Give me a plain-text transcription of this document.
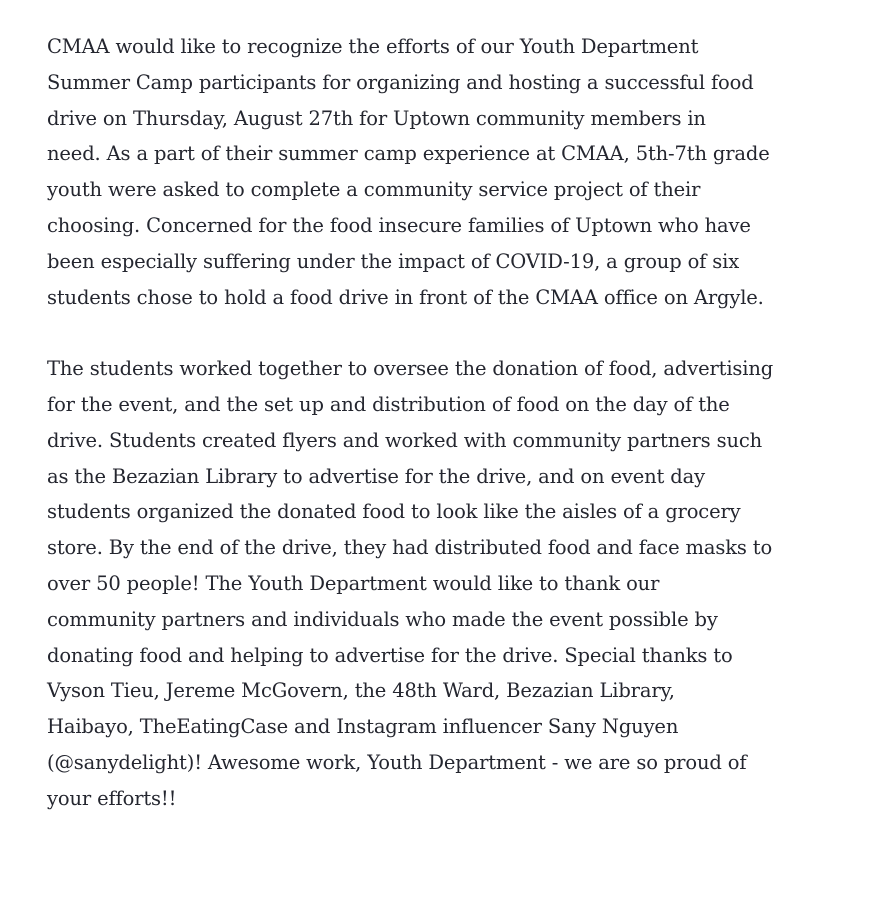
CMAA would like to recognize the efforts of our Youth Department
Summer Camp participants for organizing and hosting a successful food
drive on Thursday, August 27th for Uptown community members in
need. As a part of their summer camp experience at CMAA, 5th-7th grade
youth were asked to complete a community service project of their
choosing. Concerned for the food insecure families of Uptown who have
been especially suffering under the impact of COVID-19, a group of six
students chose to hold a food drive in front of the CMAA office on Argyle.

The students worked together to oversee the donation of food, advertising
for the event, and the set up and distribution of food on the day of the
drive. Students created flyers and worked with community partners such
as the Bezazian Library to advertise for the drive, and on event day
students organized the donated food to look like the aisles of a grocery
store. By the end of the drive, they had distributed food and face masks to
over 50 people! The Youth Department would like to thank our
community partners and individuals who made the event possible by
donating food and helping to advertise for the drive. Special thanks to
Vyson Tieu, Jereme McGovern, the 48th Ward, Bezazian Library,
Haibayo, TheEatingCase and Instagram influencer Sany Nguyen
(@sanydelight)! Awesome work, Youth Department - we are so proud of
your efforts!!
